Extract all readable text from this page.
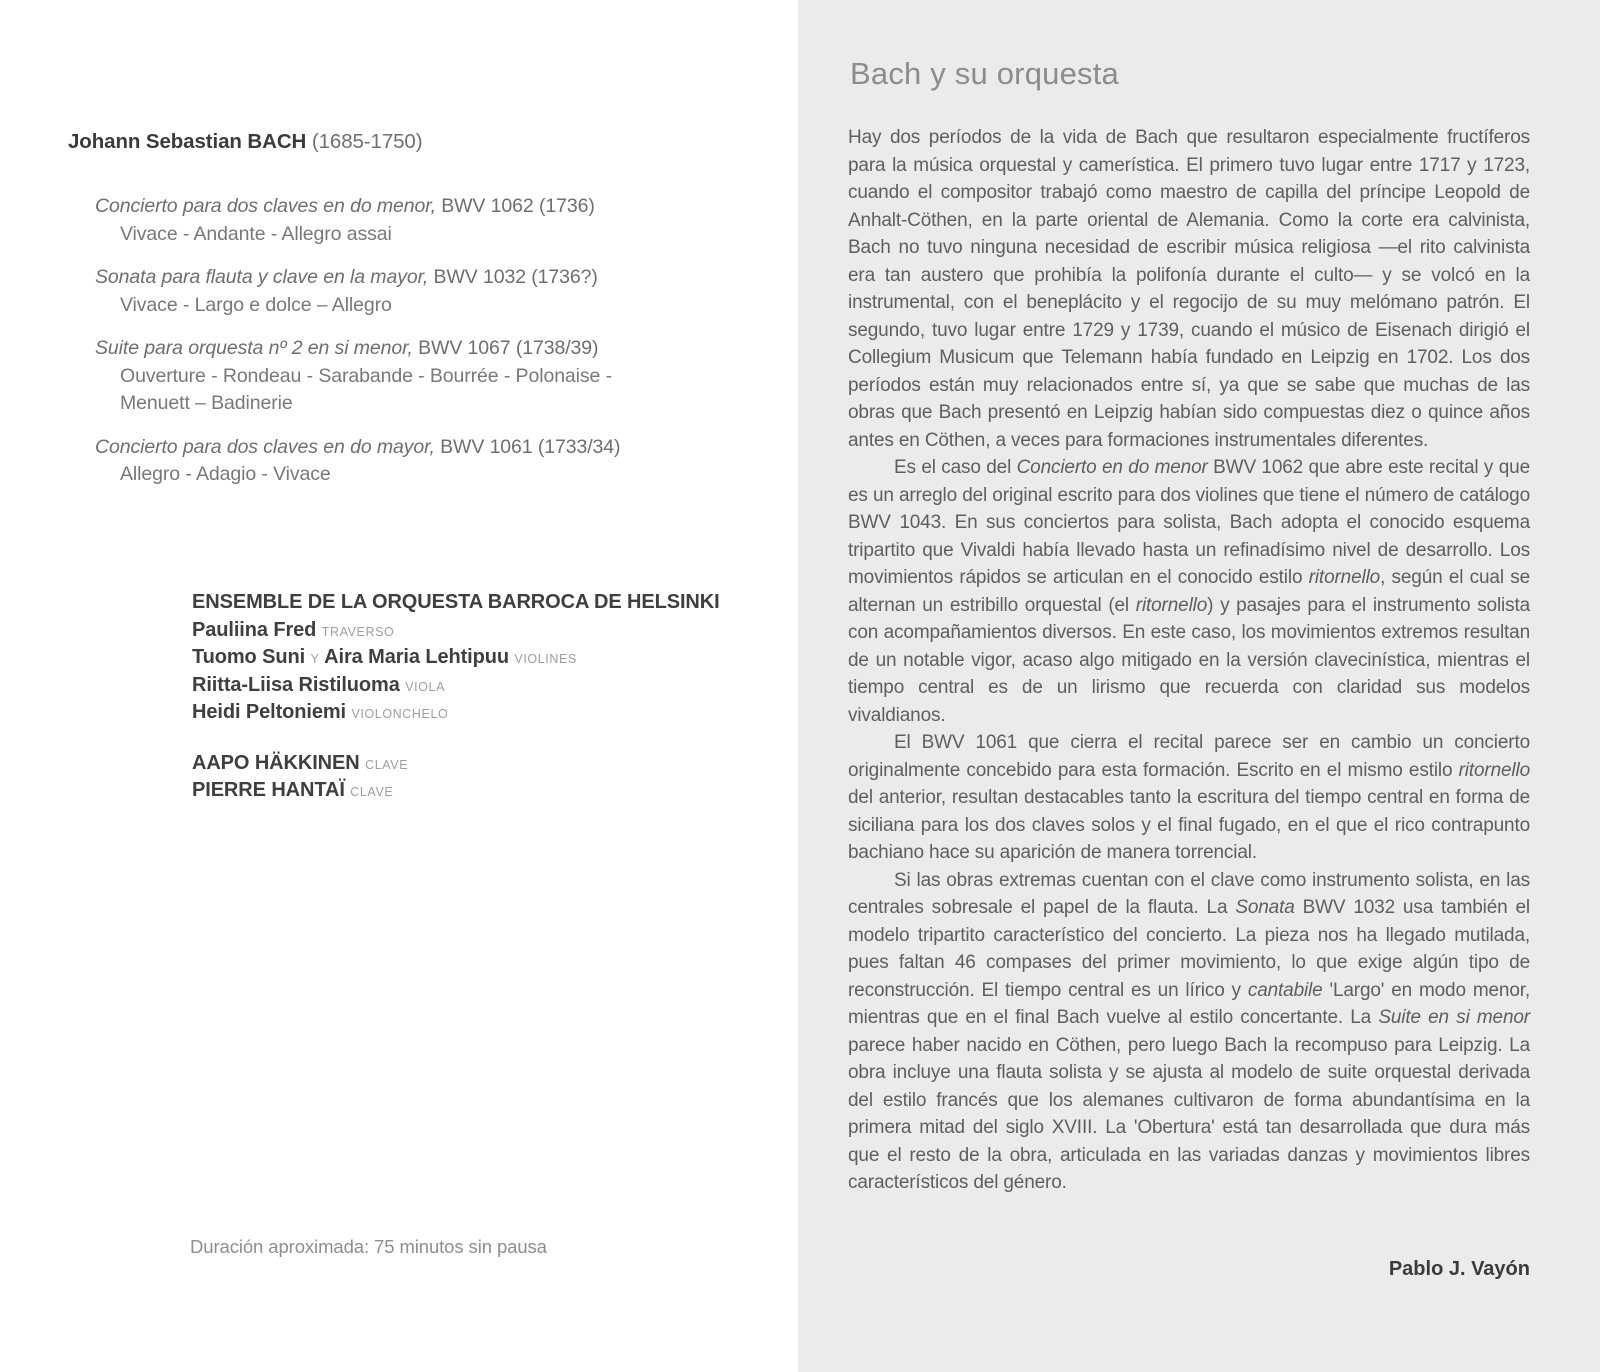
Johann Sebastian BACH (1685-1750)
Concierto para dos claves en do menor, BWV 1062 (1736)
Vivace - Andante - Allegro assai
Sonata para flauta y clave en la mayor, BWV 1032 (1736?)
Vivace - Largo e dolce – Allegro
Suite para orquesta nº 2 en si menor, BWV 1067 (1738/39)
Ouverture - Rondeau - Sarabande - Bourrée - Polonaise - Menuett – Badinerie
Concierto para dos claves en do mayor, BWV 1061 (1733/34)
Allegro - Adagio - Vivace
ENSEMBLE DE LA ORQUESTA BARROCA DE HELSINKI
Pauliina Fred TRAVERSO
Tuomo Suni Y Aira Maria Lehtipuu VIOLINES
Riitta-Liisa Ristiluoma VIOLA
Heidi Peltoniemi VIOLONCHELO
AAPO HÄKKINEN CLAVE
PIERRE HANTAÏ CLAVE
Duración aproximada: 75 minutos sin pausa
Bach y su orquesta

Hay dos períodos de la vida de Bach que resultaron especialmente fructíferos para la música orquestal y camerística. El primero tuvo lugar entre 1717 y 1723, cuando el compositor trabajó como maestro de capilla del príncipe Leopold de Anhalt-Cöthen, en la parte oriental de Alemania. Como la corte era calvinista, Bach no tuvo ninguna necesidad de escribir música religiosa —el rito calvinista era tan austero que prohibía la polifonía durante el culto— y se volcó en la instrumental, con el beneplácito y el regocijo de su muy melómano patrón. El segundo, tuvo lugar entre 1729 y 1739, cuando el músico de Eisenach dirigió el Collegium Musicum que Telemann había fundado en Leipzig en 1702. Los dos períodos están muy relacionados entre sí, ya que se sabe que muchas de las obras que Bach presentó en Leipzig habían sido compuestas diez o quince años antes en Cöthen, a veces para formaciones instrumentales diferentes.

Es el caso del Concierto en do menor BWV 1062 que abre este recital y que es un arreglo del original escrito para dos violines que tiene el número de catálogo BWV 1043. En sus conciertos para solista, Bach adopta el conocido esquema tripartito que Vivaldi había llevado hasta un refinadísimo nivel de desarrollo. Los movimientos rápidos se articulan en el conocido estilo ritornello, según el cual se alternan un estribillo orquestal (el ritornello) y pasajes para el instrumento solista con acompañamientos diversos. En este caso, los movimientos extremos resultan de un notable vigor, acaso algo mitigado en la versión clavecinística, mientras el tiempo central es de un lirismo que recuerda con claridad sus modelos vivaldianos.

El BWV 1061 que cierra el recital parece ser en cambio un concierto originalmente concebido para esta formación. Escrito en el mismo estilo ritornello del anterior, resultan destacables tanto la escritura del tiempo central en forma de siciliana para los dos claves solos y el final fugado, en el que el rico contrapunto bachiano hace su aparición de manera torrencial.

Si las obras extremas cuentan con el clave como instrumento solista, en las centrales sobresale el papel de la flauta. La Sonata BWV 1032 usa también el modelo tripartito característico del concierto. La pieza nos ha llegado mutilada, pues faltan 46 compases del primer movimiento, lo que exige algún tipo de reconstrucción. El tiempo central es un lírico y cantabile 'Largo' en modo menor, mientras que en el final Bach vuelve al estilo concertante. La Suite en si menor parece haber nacido en Cöthen, pero luego Bach la recompuso para Leipzig. La obra incluye una flauta solista y se ajusta al modelo de suite orquestal derivada del estilo francés que los alemanes cultivaron de forma abundantísima en la primera mitad del siglo XVIII. La 'Obertura' está tan desarrollada que dura más que el resto de la obra, articulada en las variadas danzas y movimientos libres característicos del género.

Pablo J. Vayón
